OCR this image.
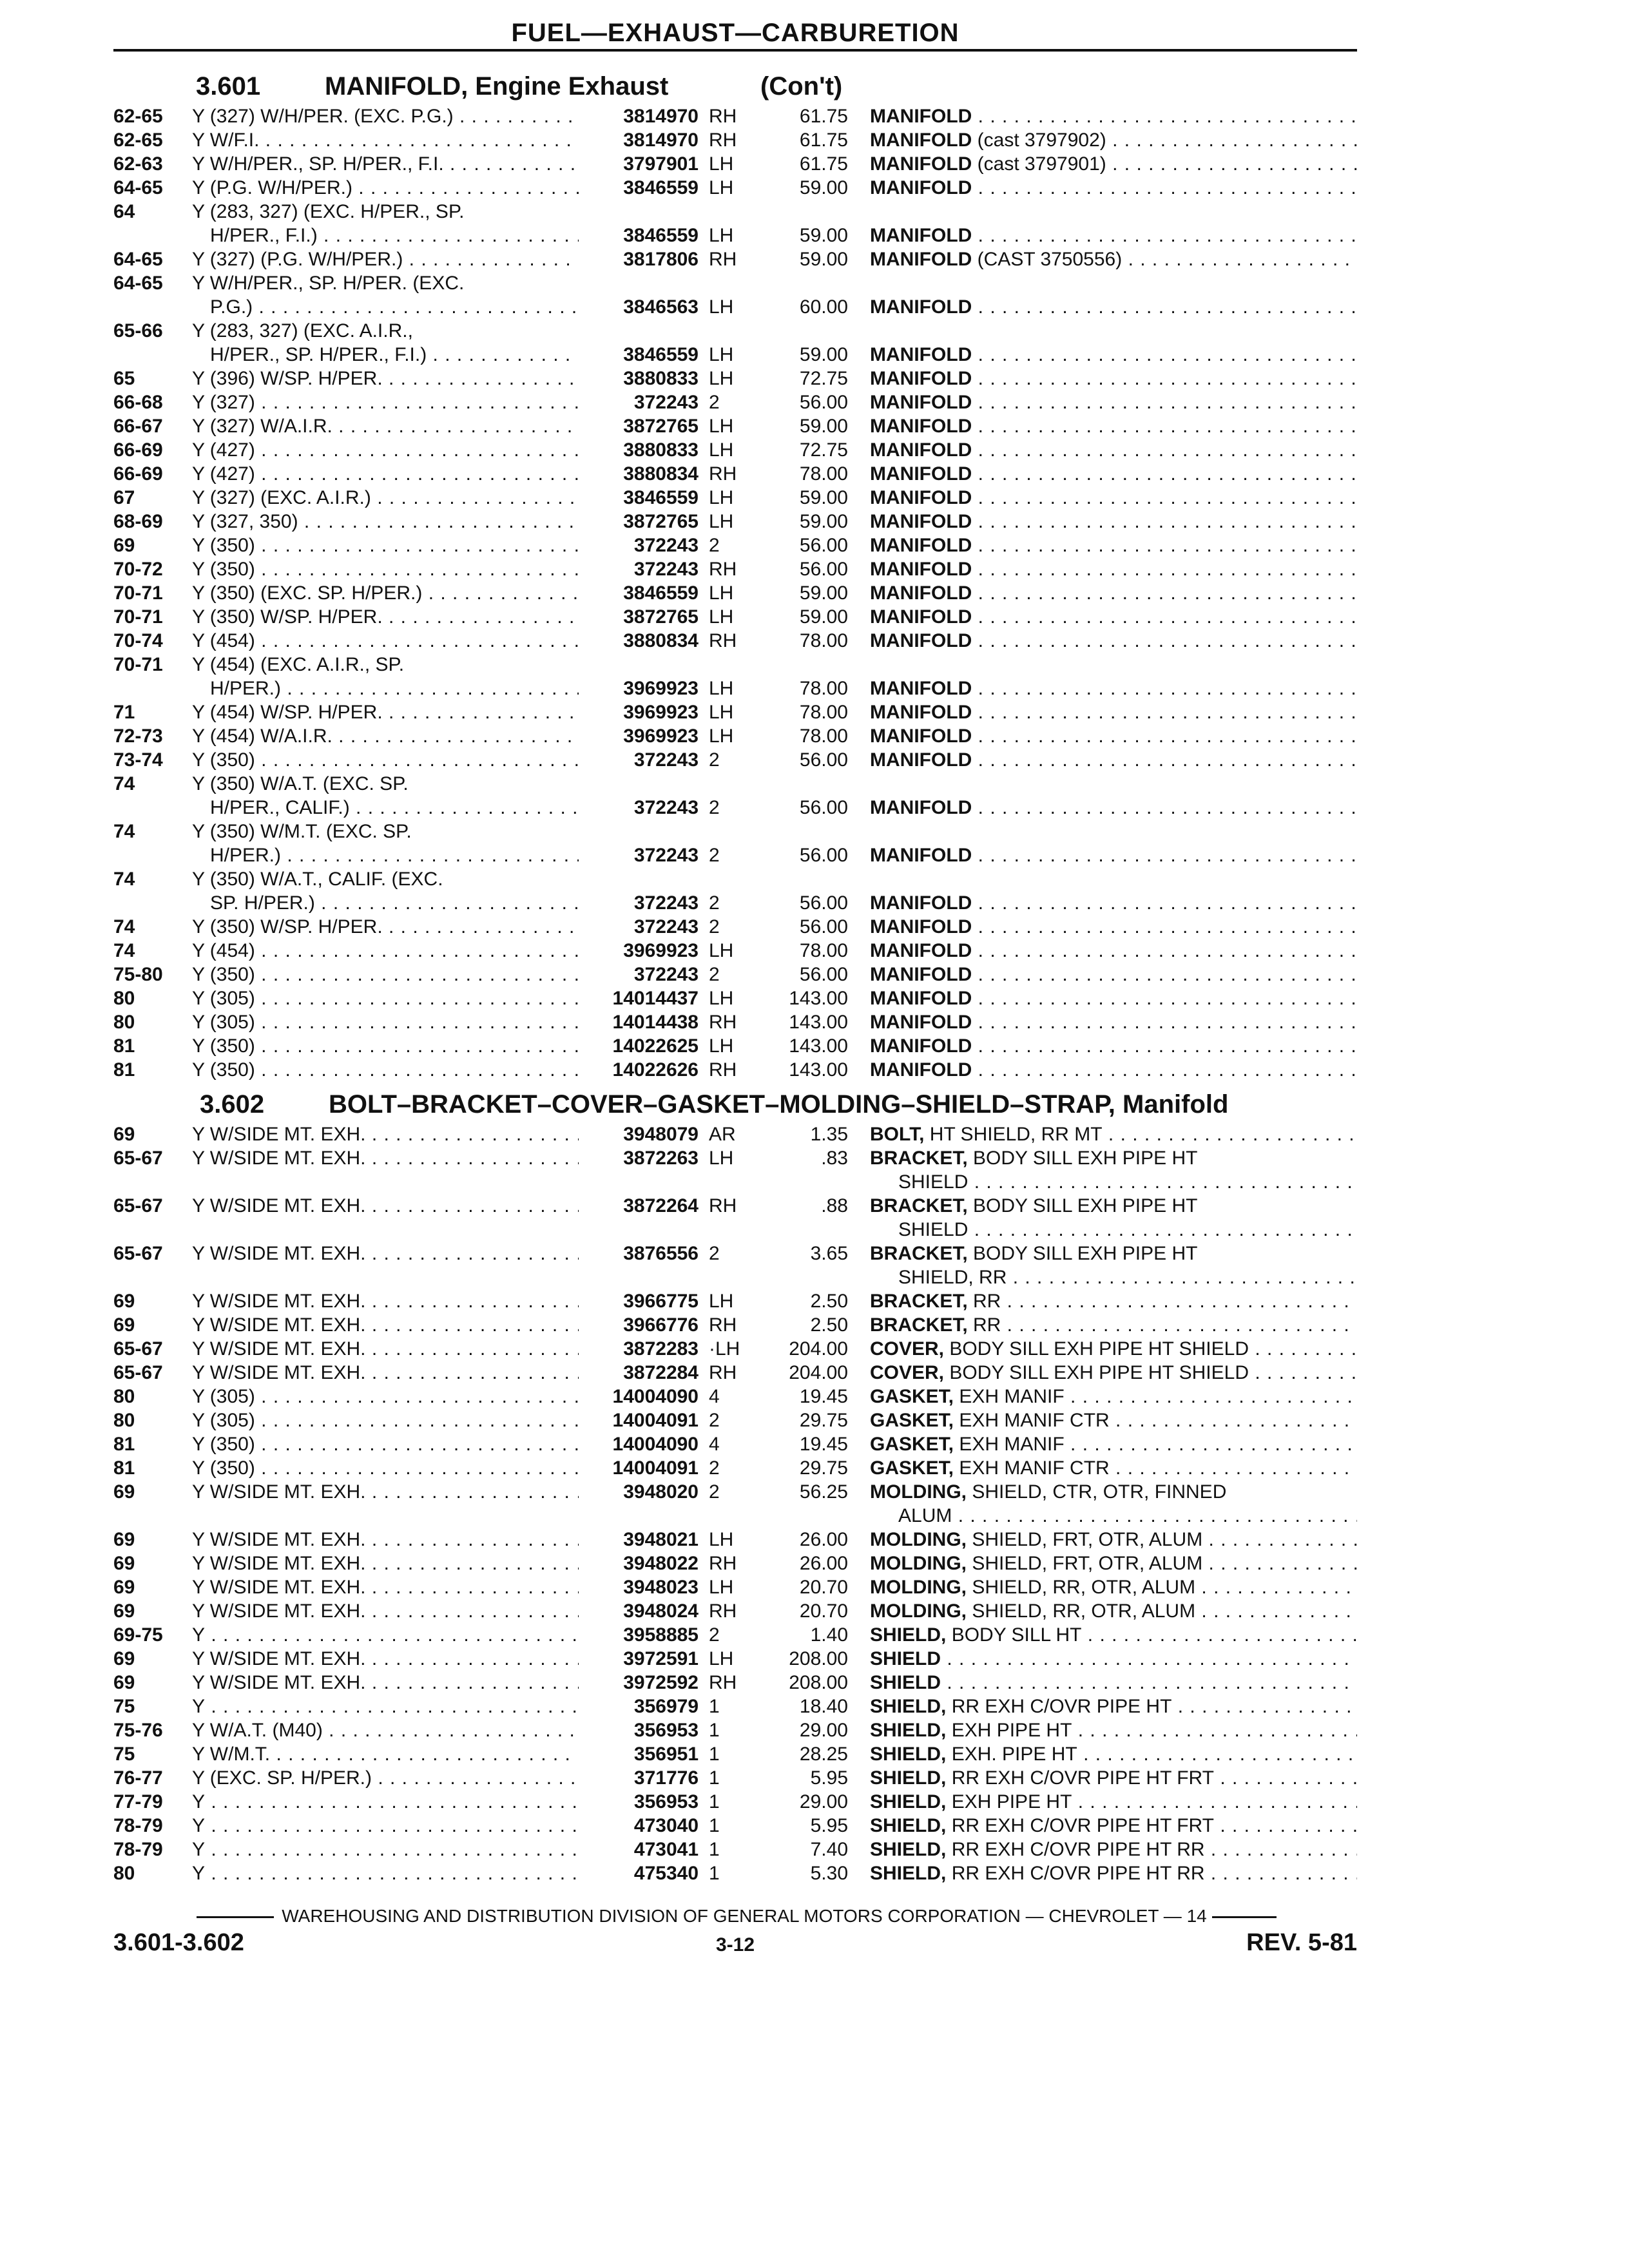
FUEL—EXHAUST—CARBURETION
3.601 MANIFOLD, Engine Exhaust	(Con't)
62-65	Y (327) W/H/PER. (EXC. P.G.) . . .	3814970 RH	61.75 MANIFOLD . . .
62-65	Y W/F.I. . . .	3814970 RH	61.75 MANIFOLD (cast 3797902) . . .
62-63	Y W/H/PER., SP. H/PER., F.I. . . .	3797901 LH	61.75 MANIFOLD (cast 3797901) . . .
64-65	Y (P.G. W/H/PER.) . . .	3846559 LH	59.00 MANIFOLD . . .
64	Y (283, 327) (EXC. H/PER., SP.
H/PER., F.I.) . . .	3846559 LH	59.00 MANIFOLD . . .
64-65	Y (327) (P.G. W/H/PER.) . . .	3817806 RH	59.00 MANIFOLD (CAST 3750556) . . .
64-65	Y W/H/PER., SP. H/PER. (EXC.
P.G.) . . .	3846563 LH	60.00 MANIFOLD . . .
65-66	Y (283, 327) (EXC. A.I.R.,
H/PER., SP. H/PER., F.I.) . . .	3846559 LH	59.00 MANIFOLD . . .
65	Y (396) W/SP. H/PER. . . .	3880833 LH	72.75 MANIFOLD . . .
66-68	Y (327) . . .	372243 2	56.00 MANIFOLD . . .
66-67	Y (327) W/A.I.R. . . .	3872765 LH	59.00 MANIFOLD . . .
66-69	Y (427) . . .	3880833 LH	72.75 MANIFOLD . . .
66-69	Y (427) . . .	3880834 RH	78.00 MANIFOLD . . .
67	Y (327) (EXC. A.I.R.) . . .	3846559 LH	59.00 MANIFOLD . . .
68-69	Y (327, 350) . . .	3872765 LH	59.00 MANIFOLD . . .
69	Y (350) . . .	372243 2	56.00 MANIFOLD . . .
70-72	Y (350) . . .	372243 RH	56.00 MANIFOLD . . .
70-71	Y (350) (EXC. SP. H/PER.) . . .	3846559 LH	59.00 MANIFOLD . . .
70-71	Y (350) W/SP. H/PER. . . .	3872765 LH	59.00 MANIFOLD . . .
70-74	Y (454) . . .	3880834 RH	78.00 MANIFOLD . . .
70-71	Y (454) (EXC. A.I.R., SP.
H/PER.) . . .	3969923 LH	78.00 MANIFOLD . . .
71	Y (454) W/SP. H/PER. . . .	3969923 LH	78.00 MANIFOLD . . .
72-73	Y (454) W/A.I.R. . . .	3969923 LH	78.00 MANIFOLD . . .
73-74	Y (350) . . .	372243 2	56.00 MANIFOLD . . .
74	Y (350) W/A.T. (EXC. SP.
H/PER., CALIF.) . . .	372243 2	56.00 MANIFOLD . . .
74	Y (350) W/M.T. (EXC. SP.
H/PER.) . . .	372243 2	56.00 MANIFOLD . . .
74	Y (350) W/A.T., CALIF. (EXC.
SP. H/PER.) . . .	372243 2	56.00 MANIFOLD . . .
74	Y (350) W/SP. H/PER. . . .	372243 2	56.00 MANIFOLD . . .
74	Y (454) . . .	3969923 LH	78.00 MANIFOLD . . .
75-80	Y (350) . . .	372243 2	56.00 MANIFOLD . . .
80	Y (305) . . .	14014437 LH	143.00 MANIFOLD . . .
80	Y (305) . . .	14014438 RH	143.00 MANIFOLD . . .
81	Y (350) . . .	14022625 LH	143.00 MANIFOLD . . .
81	Y (350) . . .	14022626 RH	143.00 MANIFOLD . . .
3.602 BOLT–BRACKET–COVER–GASKET–MOLDING–SHIELD–STRAP, Manifold
69	Y W/SIDE MT. EXH. . . .	3948079 AR	1.35 BOLT, HT SHIELD, RR MT . . .
65-67	Y W/SIDE MT. EXH. . . .	3872263 LH	.83 BRACKET, BODY SILL EXH PIPE HT
SHIELD . . .
65-67	Y W/SIDE MT. EXH. . . .	3872264 RH	.88 BRACKET, BODY SILL EXH PIPE HT
SHIELD . . .
65-67	Y W/SIDE MT. EXH. . . .	3876556 2	3.65 BRACKET, BODY SILL EXH PIPE HT
SHIELD, RR . . .
69	Y W/SIDE MT. EXH. . . .	3966775 LH	2.50 BRACKET, RR . . .
69	Y W/SIDE MT. EXH. . . .	3966776 RH	2.50 BRACKET, RR . . .
65-67	Y W/SIDE MT. EXH. . . .	3872283 ·LH	204.00 COVER, BODY SILL EXH PIPE HT SHIELD . . .
65-67	Y W/SIDE MT. EXH. . . .	3872284 RH	204.00 COVER, BODY SILL EXH PIPE HT SHIELD . . .
80	Y (305) . . .	14004090 4	19.45 GASKET, EXH MANIF . . .
80	Y (305) . . .	14004091 2	29.75 GASKET, EXH MANIF CTR . . .
81	Y (350) . . .	14004090 4	19.45 GASKET, EXH MANIF . . .
81	Y (350) . . .	14004091 2	29.75 GASKET, EXH MANIF CTR . . .
69	Y W/SIDE MT. EXH. . . .	3948020 2	56.25 MOLDING, SHIELD, CTR, OTR, FINNED
ALUM . . .
69	Y W/SIDE MT. EXH. . . .	3948021 LH	26.00 MOLDING, SHIELD, FRT, OTR, ALUM . . .
69	Y W/SIDE MT. EXH. . . .	3948022 RH	26.00 MOLDING, SHIELD, FRT, OTR, ALUM . . .
69	Y W/SIDE MT. EXH. . . .	3948023 LH	20.70 MOLDING, SHIELD, RR, OTR, ALUM . . .
69	Y W/SIDE MT. EXH. . . .	3948024 RH	20.70 MOLDING, SHIELD, RR, OTR, ALUM . . .
69-75	Y . . .	3958885 2	1.40 SHIELD, BODY SILL HT . . .
69	Y W/SIDE MT. EXH. . . .	3972591 LH	208.00 SHIELD . . .
69	Y W/SIDE MT. EXH. . . .	3972592 RH	208.00 SHIELD . . .
75	Y . . .	356979 1	18.40 SHIELD, RR EXH C/OVR PIPE HT . . .
75-76	Y W/A.T. (M40) . . .	356953 1	29.00 SHIELD, EXH PIPE HT . . .
75	Y W/M.T. . . .	356951 1	28.25 SHIELD, EXH. PIPE HT . . .
76-77	Y (EXC. SP. H/PER.) . . .	371776 1	5.95 SHIELD, RR EXH C/OVR PIPE HT FRT . . .
77-79	Y . . .	356953 1	29.00 SHIELD, EXH PIPE HT . . .
78-79	Y . . .	473040 1	5.95 SHIELD, RR EXH C/OVR PIPE HT FRT . . .
78-79	Y . . .	473041 1	7.40 SHIELD, RR EXH C/OVR PIPE HT RR . . .
80	Y . . .	475340 1	5.30 SHIELD, RR EXH C/OVR PIPE HT RR . . .
WAREHOUSING AND DISTRIBUTION DIVISION OF GENERAL MOTORS CORPORATION — CHEVROLET — 14
3.601-3.602	3-12	REV. 5-81
